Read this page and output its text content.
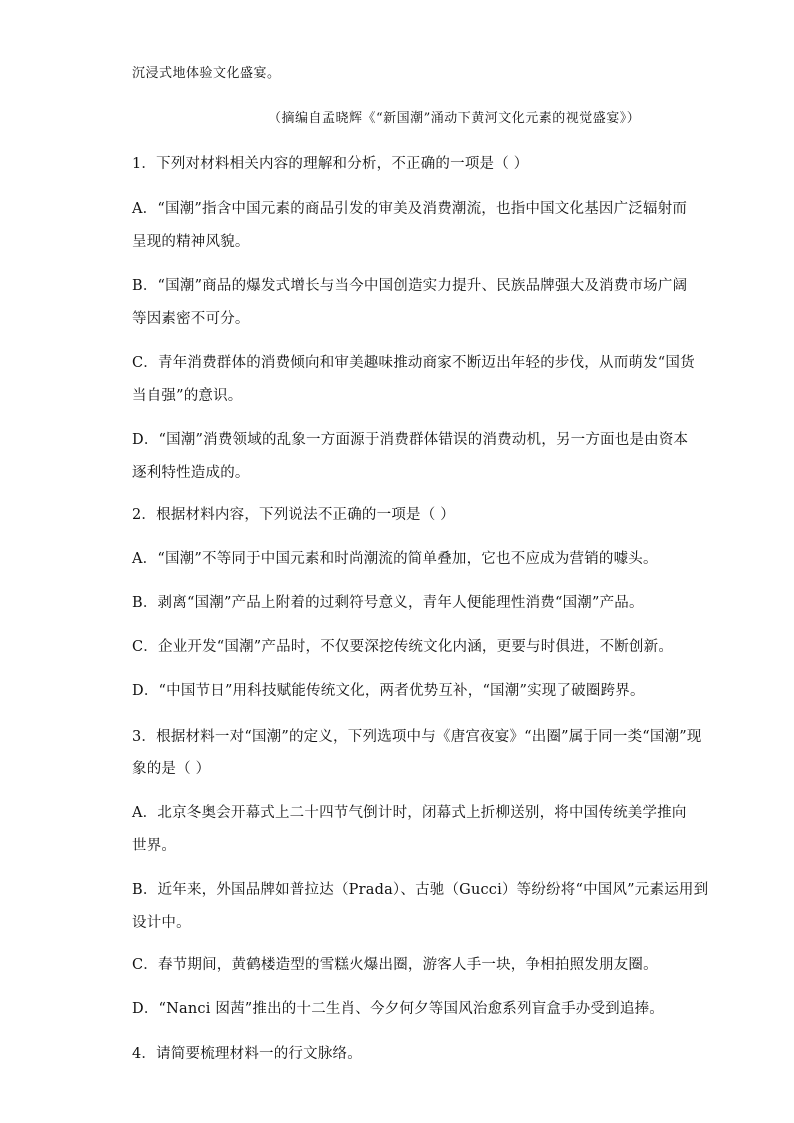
沉浸式地体验文化盛宴。
（摘编自孟晓辉《“新国潮”涌动下黄河文化元素的视觉盛宴》）
1．下列对材料相关内容的理解和分析，不正确的一项是（ ）
A．“国潮”指含中国元素的商品引发的审美及消费潮流，也指中国文化基因广泛辐射而
呈现的精神风貌。
B．“国潮”商品的爆发式增长与当今中国创造实力提升、民族品牌强大及消费市场广阔
等因素密不可分。
C．青年消费群体的消费倾向和审美趣味推动商家不断迈出年轻的步伐，从而萌发“国货
当自强”的意识。
D．“国潮”消费领域的乱象一方面源于消费群体错误的消费动机，另一方面也是由资本
逐利特性造成的。
2．根据材料内容，下列说法不正确的一项是（ ）
A．“国潮”不等同于中国元素和时尚潮流的简单叠加，它也不应成为营销的噱头。
B．剥离“国潮”产品上附着的过剩符号意义，青年人便能理性消费“国潮”产品。
C．企业开发“国潮”产品时，不仅要深挖传统文化内涵，更要与时俱进，不断创新。
D．“中国节日”用科技赋能传统文化，两者优势互补，“国潮”实现了破圈跨界。
3．根据材料一对“国潮”的定义，下列选项中与《唐宫夜宴》“出圈”属于同一类“国潮”现
象的是（ ）
A．北京冬奥会开幕式上二十四节气倒计时，闭幕式上折柳送别，将中国传统美学推向
世界。
B．近年来，外国品牌如普拉达（Prada）、古驰（Gucci）等纷纷将“中国风”元素运用到
设计中。
C．春节期间，黄鹤楼造型的雪糕火爆出圈，游客人手一块，争相拍照发朋友圈。
D．“Nanci 囡茜”推出的十二生肖、今夕何夕等国风治愈系列盲盒手办受到追捧。
4．请简要梳理材料一的行文脉络。
